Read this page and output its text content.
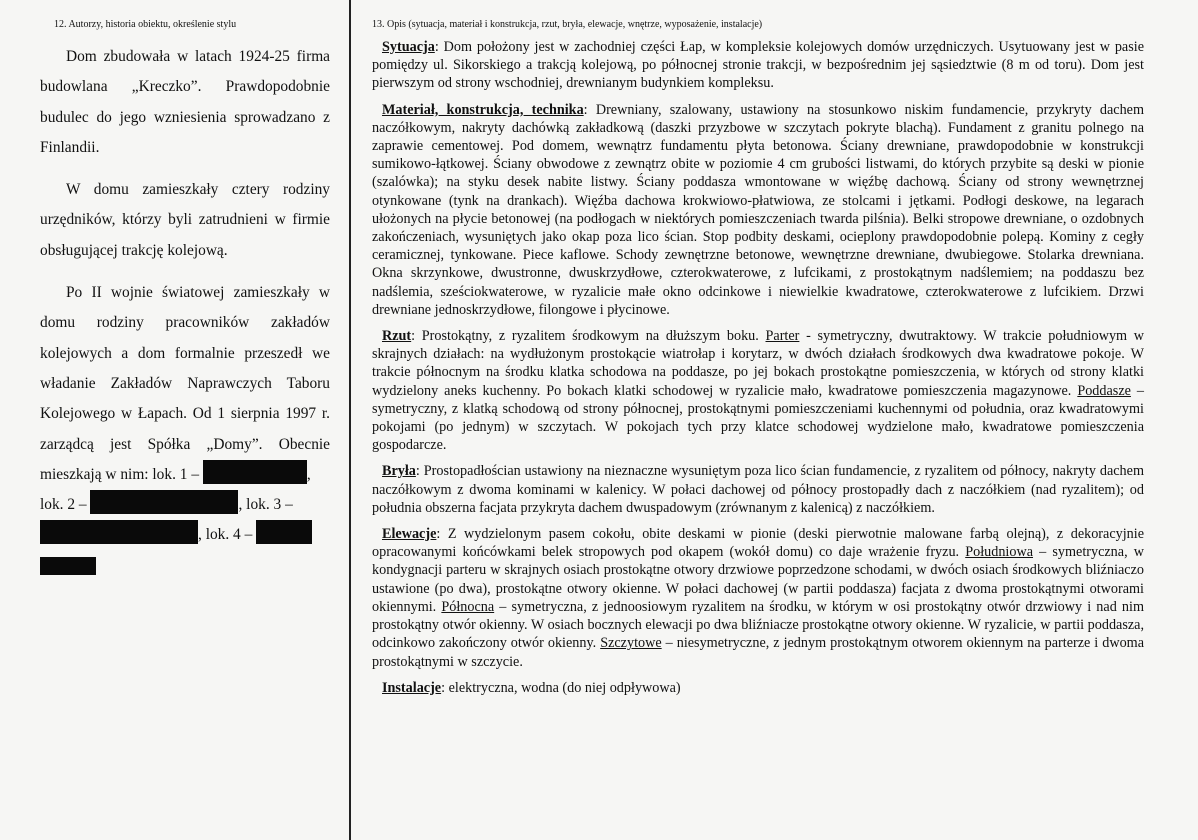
12. Autorzy, historia obiektu, określenie stylu

Dom zbudowała w latach 1924-25 firma budowlana „Kreczko”. Prawdopodobnie budulec do jego wzniesienia sprowadzano z Finlandii.

W domu zamieszkały cztery rodziny urzędników, którzy byli zatrudnieni w firmie obsługującej trakcję kolejową.

Po II wojnie światowej zamieszkały w domu rodziny pracowników zakładów kolejowych a dom formalnie przeszedł we władanie Zakładów Naprawczych Taboru Kolejowego w Łapach. Od 1 sierpnia 1997 r. zarządcą jest Spółka „Domy”. Obecnie mieszkają w nim: lok. 1 –	,

lok. 2 –	, lok. 3 –

, lok. 4 –

13. Opis (sytuacja, materiał i konstrukcja, rzut, bryła, elewacje, wnętrze, wyposażenie, instalacje)

Sytuacja: Dom położony jest w zachodniej części Łap, w kompleksie kolejowych domów urzędniczych. Usytuowany jest w pasie pomiędzy ul. Sikorskiego a trakcją kolejową, po północnej stronie trakcji, w bezpośrednim jej sąsiedztwie (8 m od toru). Dom jest pierwszym od strony wschodniej, drewnianym budynkiem kompleksu.

Materiał, konstrukcja, technika: Drewniany, szalowany, ustawiony na stosunkowo niskim fundamencie, przykryty dachem naczółkowym, nakryty dachówką zakładkową (daszki przyzbowe w szczytach pokryte blachą). Fundament z granitu polnego na zaprawie cementowej. Pod domem, wewnątrz fundamentu płyta betonowa. Ściany drewniane, prawdopodobnie w konstrukcji sumikowo-łątkowej. Ściany obwodowe z zewnątrz obite w poziomie 4 cm grubości listwami, do których przybite są deski w pionie (szalówka); na styku desek nabite listwy. Ściany poddasza wmontowane w więźbę dachową. Ściany od strony wewnętrznej otynkowane (tynk na drankach). Więźba dachowa krokwiowo-płatwiowa, ze stolcami i jętkami. Podłogi deskowe, na legarach ułożonych na płycie betonowej (na podłogach w niektórych pomieszczeniach twarda pilśnia). Belki stropowe drewniane, o ozdobnych zakończeniach, wysuniętych jako okap poza lico ścian. Stop podbity deskami, ocieplony prawdopodobnie polepą. Kominy z cegły ceramicznej, tynkowane. Piece kaflowe. Schody zewnętrzne betonowe, wewnętrzne drewniane, dwubiegowe. Stolarka drewniana. Okna skrzynkowe, dwustronne, dwuskrzydłowe, czterokwaterowe, z lufcikami, z prostokątnym nadślemiem; na poddaszu bez nadślemia, sześciokwaterowe, w ryzalicie małe okno odcinkowe i niewielkie kwadratowe, czterokwaterowe z lufcikiem. Drzwi drewniane jednoskrzydłowe, filongowe i płycinowe.

Rzut: Prostokątny, z ryzalitem środkowym na dłuższym boku. Parter - symetryczny, dwutraktowy. W trakcie południowym w skrajnych działach: na wydłużonym prostokącie wiatrołap i korytarz, w dwóch działach środkowych dwa kwadratowe pokoje. W trakcie północnym na środku klatka schodowa na poddasze, po jej bokach prostokątne pomieszczenia, w których od strony klatki wydzielony aneks kuchenny. Po bokach klatki schodowej w ryzalicie mało, kwadratowe pomieszczenia magazynowe. Poddasze – symetryczny, z klatką schodową od strony północnej, prostokątnymi pomieszczeniami kuchennymi od południa, oraz kwadratowymi pokojami (po jednym) w szczytach. W pokojach tych przy klatce schodowej wydzielone mało, kwadratowe pomieszczenia gospodarcze.

Bryła: Prostopadłościan ustawiony na nieznaczne wysuniętym poza lico ścian fundamencie, z ryzalitem od północy, nakryty dachem naczółkowym z dwoma kominami w kalenicy. W połaci dachowej od północy prostopadły dach z naczółkiem (nad ryzalitem); od południa obszerna facjata przykryta dachem dwuspadowym (zrównanym z kalenicą) z naczółkiem.

Elewacje: Z wydzielonym pasem cokołu, obite deskami w pionie (deski pierwotnie malowane farbą olejną), z dekoracyjnie opracowanymi końcówkami belek stropowych pod okapem (wokół domu) co daje wrażenie fryzu. Południowa – symetryczna, w kondygnacji parteru w skrajnych osiach prostokątne otwory drzwiowe poprzedzone schodami, w dwóch osiach środkowych bliźniaczo ustawione (po dwa), prostokątne otwory okienne. W połaci dachowej (w partii poddasza) facjata z dwoma prostokątnymi otworami okiennymi. Północna – symetryczna, z jednoosiowym ryzalitem na środku, w którym w osi prostokątny otwór drzwiowy i nad nim prostokątny otwór okienny. W osiach bocznych elewacji po dwa bliźniacze prostokątne otwory okienne. W ryzalicie, w partii poddasza, odcinkowo zakończony otwór okienny. Szczytowe – niesymetryczne, z jednym prostokątnym otworem okiennym na parterze i dwoma prostokątnymi w szczycie.

Instalacje: elektryczna, wodna (do niej odpływowa)
